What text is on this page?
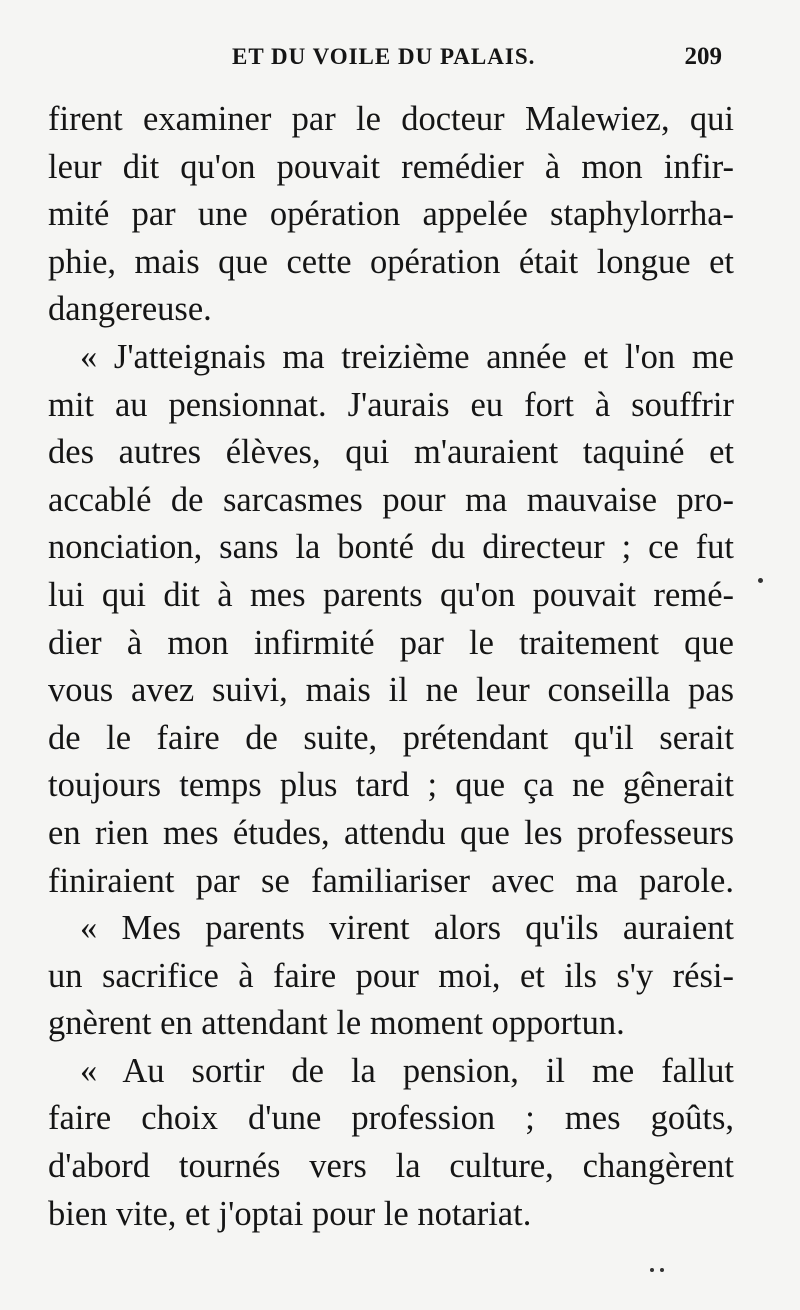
ET DU VOILE DU PALAIS.	209
firent examiner par le docteur Malewiez, qui
leur dit qu'on pouvait remédier à mon infir-
mité par une opération appelée staphylorrha-
phie, mais que cette opération était longue et
dangereuse.
« J'atteignais ma treizième année et l'on me
mit au pensionnat. J'aurais eu fort à souffrir
des autres élèves, qui m'auraient taquiné et
accablé de sarcasmes pour ma mauvaise pro-
nonciation, sans la bonté du directeur ; ce fut
lui qui dit à mes parents qu'on pouvait remé-
dier à mon infirmité par le traitement que
vous avez suivi, mais il ne leur conseilla pas
de le faire de suite, prétendant qu'il serait
toujours temps plus tard ; que ça ne gênerait
en rien mes études, attendu que les professeurs
finiraient par se familiariser avec ma parole.
« Mes parents virent alors qu'ils auraient
un sacrifice à faire pour moi, et ils s'y rési-
gnèrent en attendant le moment opportun.
« Au sortir de la pension, il me fallut
faire choix d'une profession ; mes goûts,
d'abord tournés vers la culture, changèrent
bien vite, et j'optai pour le notariat.
